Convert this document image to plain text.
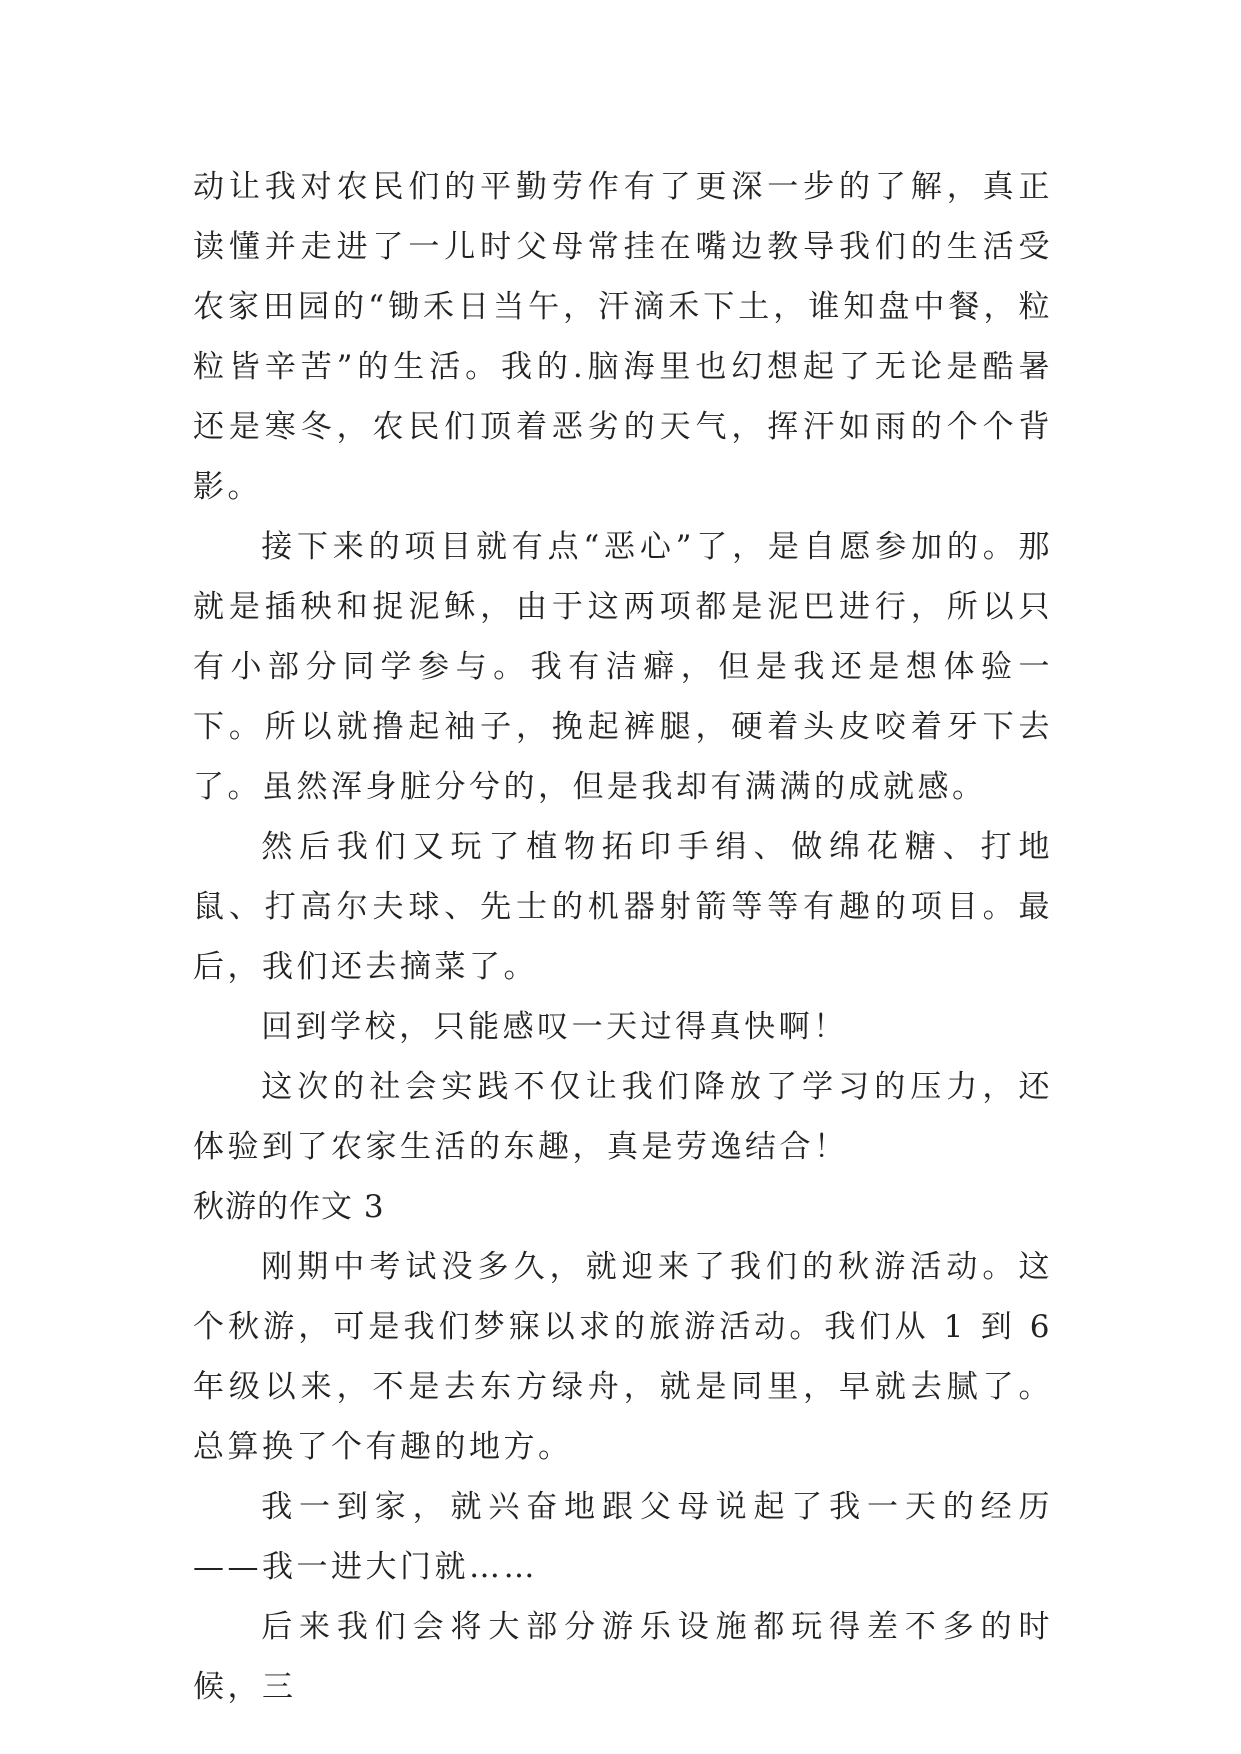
动让我对农民们的平勤劳作有了更深一步的了解，真正读懂并走进了一儿时父母常挂在嘴边教导我们的生活受农家田园的“锄禾日当午，汗滴禾下土，谁知盘中餐，粒粒皆辛苦”的生活。我的.脑海里也幻想起了无论是酷暑还是寒冬，农民们顶着恶劣的天气，挥汗如雨的个个背影。

接下来的项目就有点“恶心”了，是自愿参加的。那就是插秧和捉泥稣，由于这两项都是泥巴进行，所以只有小部分同学参与。我有洁癖，但是我还是想体验一下。所以就撸起袖子，挽起裤腿，硬着头皮咬着牙下去了。虽然浑身脏分兮的，但是我却有满满的成就感。

然后我们又玩了植物拓印手绢、做绵花糖、打地鼠、打高尔夫球、先士的机器射箭等等有趣的项目。最后，我们还去摘菜了。

回到学校，只能感叹一天过得真快啊！

这次的社会实践不仅让我们降放了学习的压力，还体验到了农家生活的东趣，真是劳逸结合！

秋游的作文 3

刚期中考试没多久，就迎来了我们的秋游活动。这个秋游，可是我们梦寐以求的旅游活动。我们从 1 到 6 年级以来，不是去东方绿舟，就是同里，早就去腻了。总算换了个有趣的地方。

我一到家，就兴奋地跟父母说起了我一天的经历——我一进大门就……

后来我们会将大部分游乐设施都玩得差不多的时候，三
